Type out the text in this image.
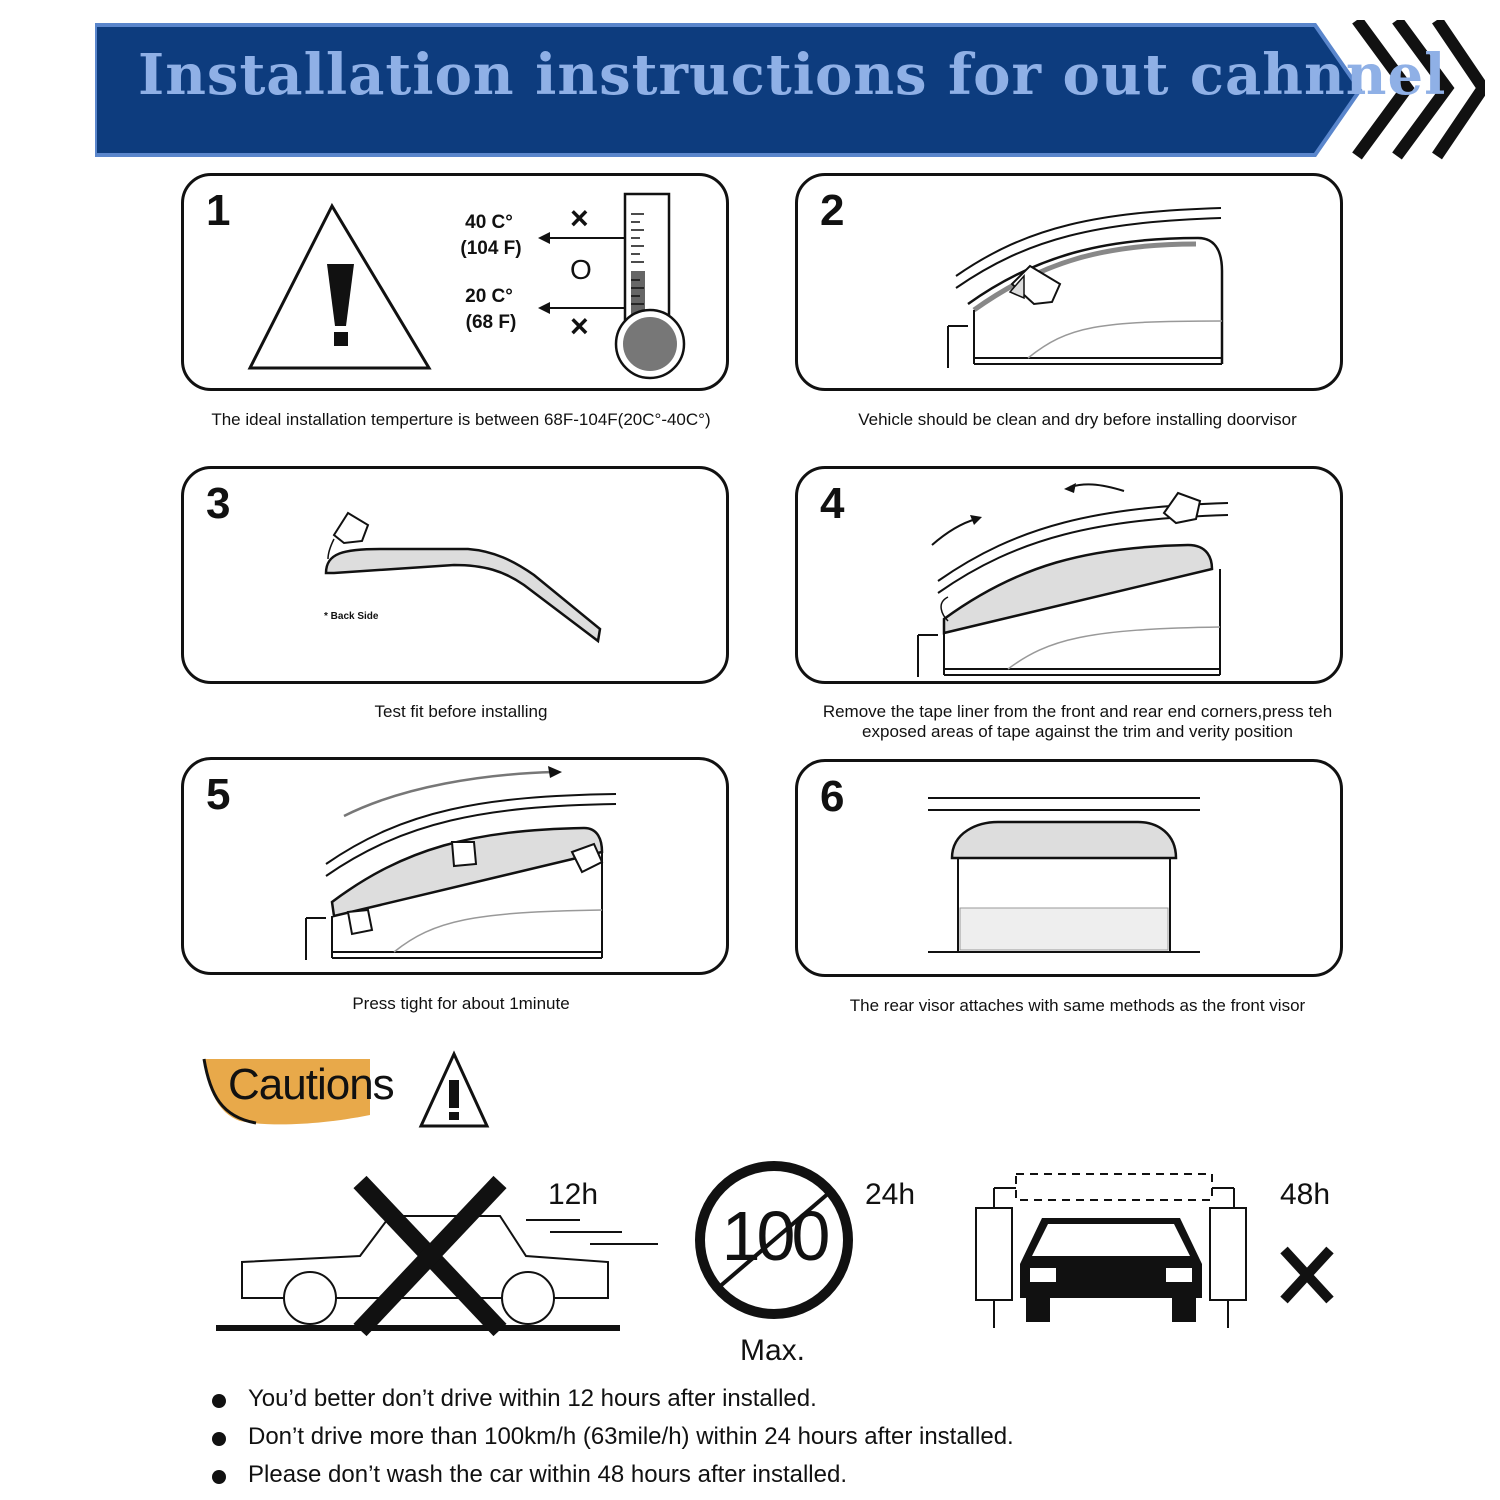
Installation instructions for out cahnnel
1	40 C°
(104 F)
20 C°
(68 F)
×
O
×
The ideal installation temperture is between 68F-104F(20C°-40C°)
2
Vehicle should be clean and dry before installing doorvisor
3
* Back Side
Test fit before installing
4
Remove the tape liner from the front and rear end corners,press teh
exposed areas of tape against the trim and verity position
5
Press tight for about 1minute
6
The rear visor attaches with same methods as the front visor
Cautions
12h
100
Max.
24h	48h
You’d better don’t drive within 12 hours after installed.
Don’t drive more than 100km/h (63mile/h) within 24 hours after installed.
Please don’t wash the car within 48 hours after installed.
